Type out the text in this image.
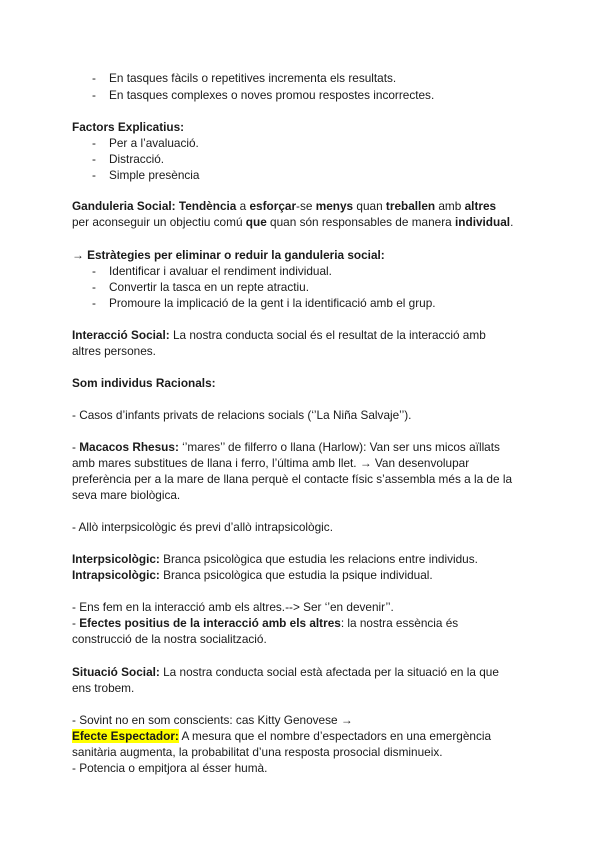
- En tasques fàcils o repetitives incrementa els resultats.
- En tasques complexes o noves promou respostes incorrectes.
Factors Explicatius:
- Per a l’avaluació.
- Distracció.
- Simple presència
Ganduleria Social: Tendència a esforçar-se menys quan treballen amb altres
per aconseguir un objectiu comú que quan són responsables de manera individual.
→ Estràtegies per eliminar o reduir la ganduleria social:
- Identificar i avaluar el rendiment individual.
- Convertir la tasca en un repte atractiu.
- Promoure la implicació de la gent i la identificació amb el grup.
Interacció Social: La nostra conducta social és el resultat de la interacció amb
altres persones.
Som individus Racionals:
- Casos d’infants privats de relacions socials (‘’La Niña Salvaje’’).
- Macacos Rhesus: ‘’mares’’ de filferro o llana (Harlow): Van ser uns micos aïllats
amb mares substitues de llana i ferro, l’última amb llet. → Van desenvolupar
preferència per a la mare de llana perquè el contacte físic s’assembla més a la de la
seva mare biològica.
- Allò interpsicològic és previ d’allò intrapsicològic.
Interpsicològic: Branca psicològica que estudia les relacions entre individus.
Intrapsicològic: Branca psicològica que estudia la psique individual.
- Ens fem en la interacció amb els altres.--> Ser ‘’en devenir’’.
- Efectes positius de la interacció amb els altres: la nostra essència és
construcció de la nostra socialització.
Situació Social: La nostra conducta social està afectada per la situació en la que
ens trobem.
- Sovint no en som conscients: cas Kitty Genovese →
Efecte Espectador: A mesura que el nombre d’espectadors en una emergència
sanitària augmenta, la probabilitat d’una resposta prosocial disminueix.
- Potencia o empitjora al ésser humà.
